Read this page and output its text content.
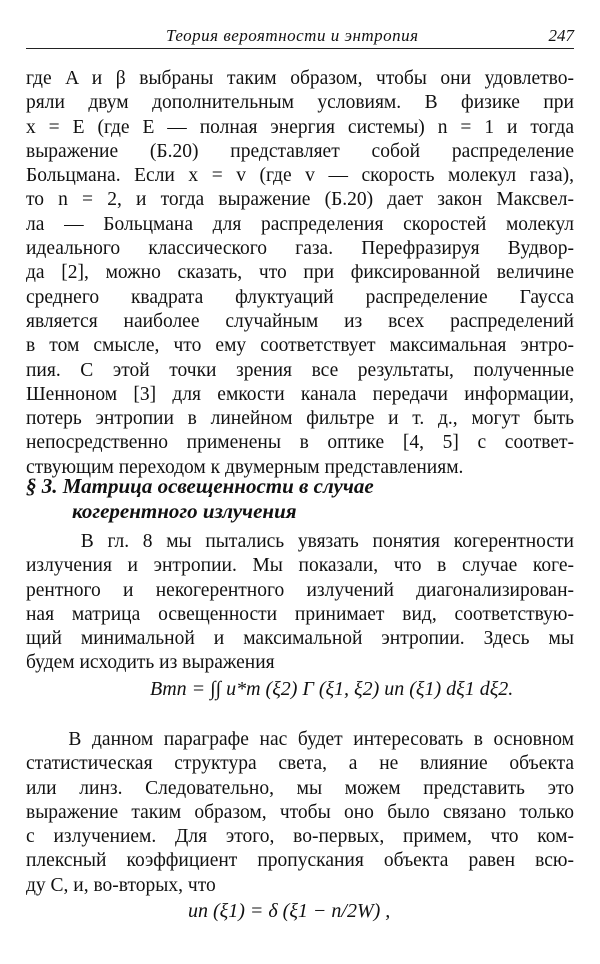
Теория вероятности и энтропия	247
где A и β выбраны таким образом, чтобы они удовлетво-
ряли двум дополнительным условиям. В физике при
x = E (где E — полная энергия системы) n = 1 и тогда
выражение (Б.20) представляет собой распределение
Больцмана. Если x = v (где v — скорость молекул газа),
то n = 2, и тогда выражение (Б.20) дает закон Максвел-
ла — Больцмана для распределения скоростей молекул
идеального классического газа. Перефразируя Вудвор-
да [2], можно сказать, что при фиксированной величине
среднего квадрата флуктуаций распределение Гаусса
является наиболее случайным из всех распределений
в том смысле, что ему соответствует максимальная энтро-
пия. С этой точки зрения все результаты, полученные
Шенноном [3] для емкости канала передачи информации,
потерь энтропии в линейном фильтре и т. д., могут быть
непосредственно применены в оптике [4, 5] с соответ-
ствующим переходом к двумерным представлениям.
§ 3. Матрица освещенности в случае
когерентного излучения
В гл. 8 мы пытались увязать понятия когерентности
излучения и энтропии. Мы показали, что в случае коге-
рентного и некогерентного излучений диагонализирован-
ная матрица освещенности принимает вид, соответствую-
щий минимальной и максимальной энтропии. Здесь мы
будем исходить из выражения
Bmn = ∫∫ u*m (ξ2) Γ (ξ1, ξ2) un (ξ1) dξ1 dξ2.
В данном параграфе нас будет интересовать в основном
статистическая структура света, а не влияние объекта
или линз. Следовательно, мы можем представить это
выражение таким образом, чтобы оно было связано только
с излучением. Для этого, во-первых, примем, что ком-
плексный коэффициент пропускания объекта равен всю-
ду C, и, во-вторых, что
un (ξ1) = δ (ξ1 − n/2W) ,
